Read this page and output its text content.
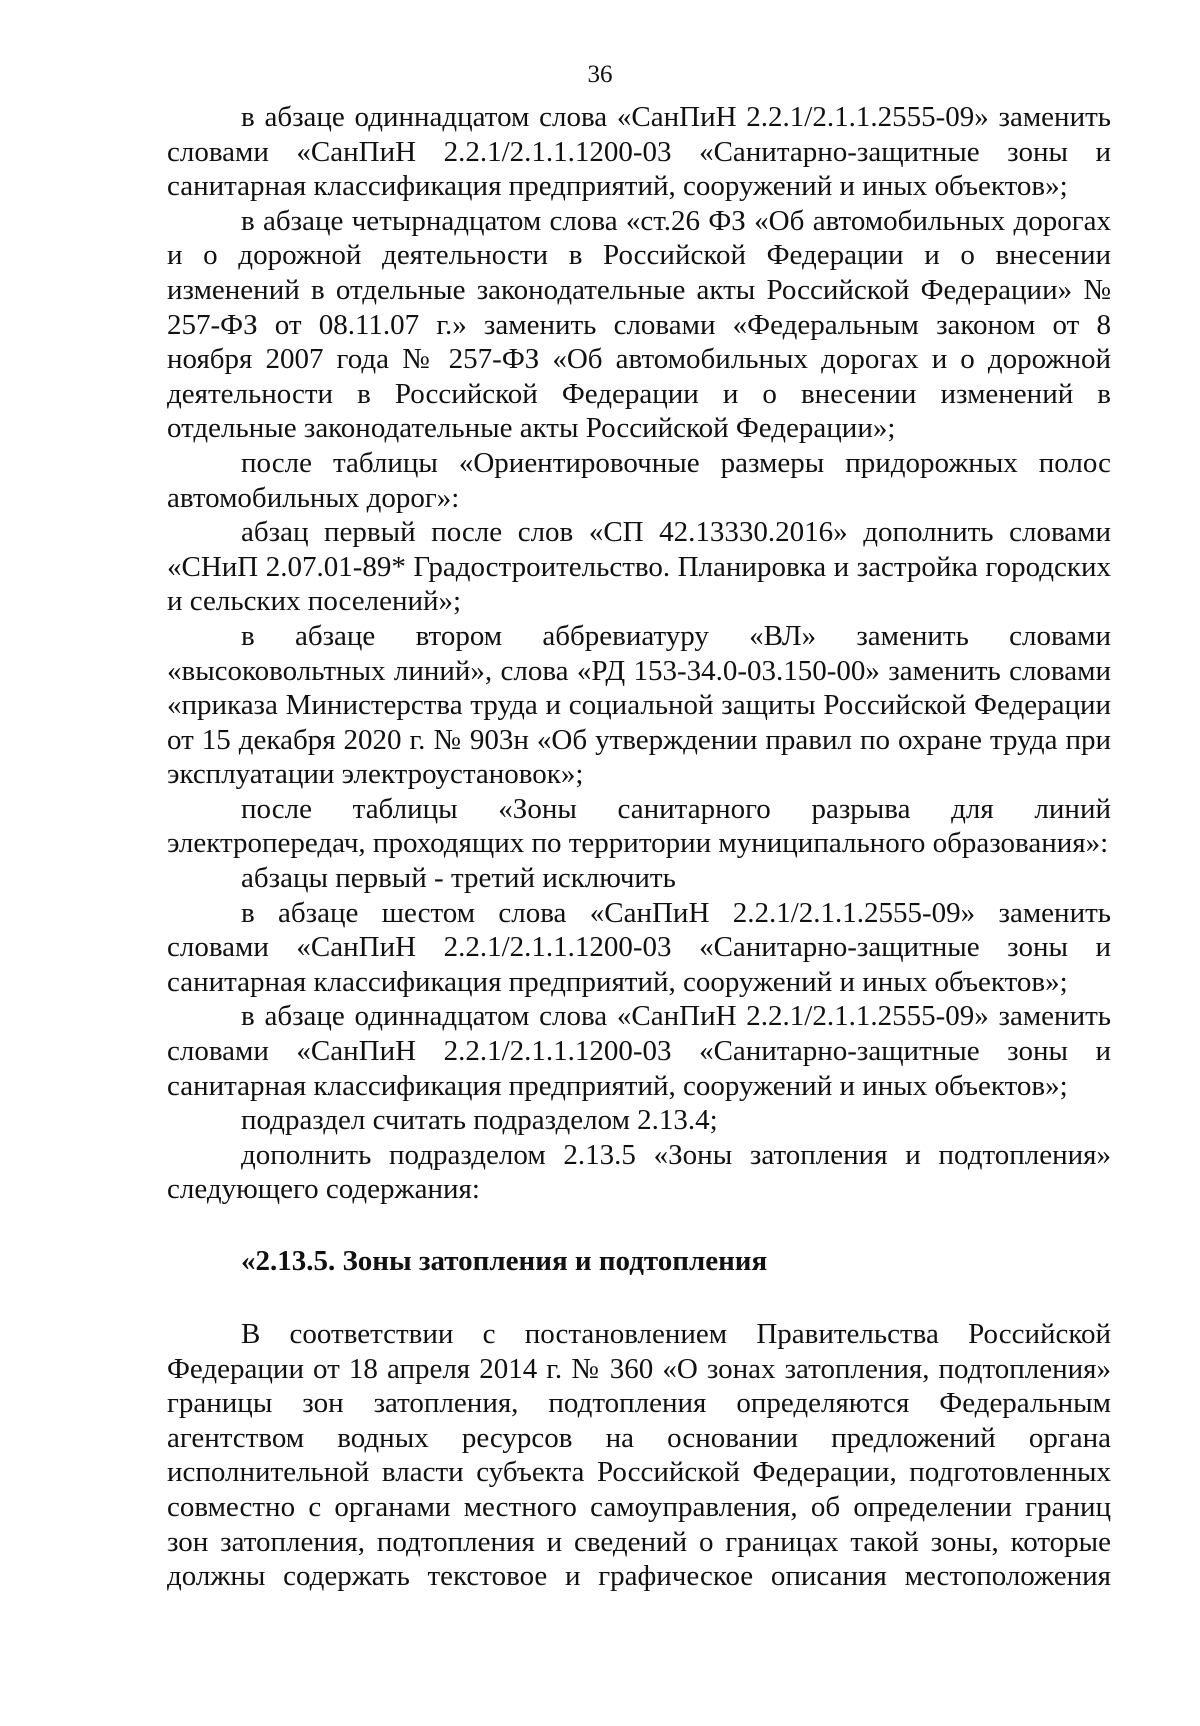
36

в абзаце одиннадцатом слова «СанПиН 2.2.1/2.1.1.2555-09» заменить словами «СанПиН 2.2.1/2.1.1.1200-03 «Санитарно-защитные зоны и санитарная классификация предприятий, сооружений и иных объектов»;

в абзаце четырнадцатом слова «ст.26 ФЗ «Об автомобильных дорогах и о дорожной деятельности в Российской Федерации и о внесении изменений в отдельные законодательные акты Российской Федерации» № 257-ФЗ от 08.11.07 г.» заменить словами «Федеральным законом от 8 ноября 2007 года № 257-ФЗ «Об автомобильных дорогах и о дорожной деятельности в Российской Федерации и о внесении изменений в отдельные законодательные акты Российской Федерации»;

после таблицы «Ориентировочные размеры придорожных полос автомобильных дорог»:

абзац первый после слов «СП 42.13330.2016» дополнить словами «СНиП 2.07.01-89* Градостроительство. Планировка и застройка городских и сельских поселений»;

в абзаце втором аббревиатуру «ВЛ» заменить словами «высоковольтных линий», слова «РД 153-34.0-03.150-00» заменить словами «приказа Министерства труда и социальной защиты Российской Федерации от 15 декабря 2020 г. № 903н «Об утверждении правил по охране труда при эксплуатации электроустановок»;

после таблицы «Зоны санитарного разрыва для линий электропередач, проходящих по территории муниципального образования»:

абзацы первый - третий исключить

в абзаце шестом слова «СанПиН 2.2.1/2.1.1.2555-09» заменить словами «СанПиН 2.2.1/2.1.1.1200-03 «Санитарно-защитные зоны и санитарная классификация предприятий, сооружений и иных объектов»;

в абзаце одиннадцатом слова «СанПиН 2.2.1/2.1.1.2555-09» заменить словами «СанПиН 2.2.1/2.1.1.1200-03 «Санитарно-защитные зоны и санитарная классификация предприятий, сооружений и иных объектов»;

подраздел считать подразделом 2.13.4;

дополнить подразделом 2.13.5 «Зоны затопления и подтопления» следующего содержания:

«2.13.5. Зоны затопления и подтопления

В соответствии с постановлением Правительства Российской Федерации от 18 апреля 2014 г. № 360 «О зонах затопления, подтопления» границы зон затопления, подтопления определяются Федеральным агентством водных ресурсов на основании предложений органа исполнительной власти субъекта Российской Федерации, подготовленных совместно с органами местного самоуправления, об определении границ зон затопления, подтопления и сведений о границах такой зоны, которые должны содержать текстовое и графическое описания местоположения
